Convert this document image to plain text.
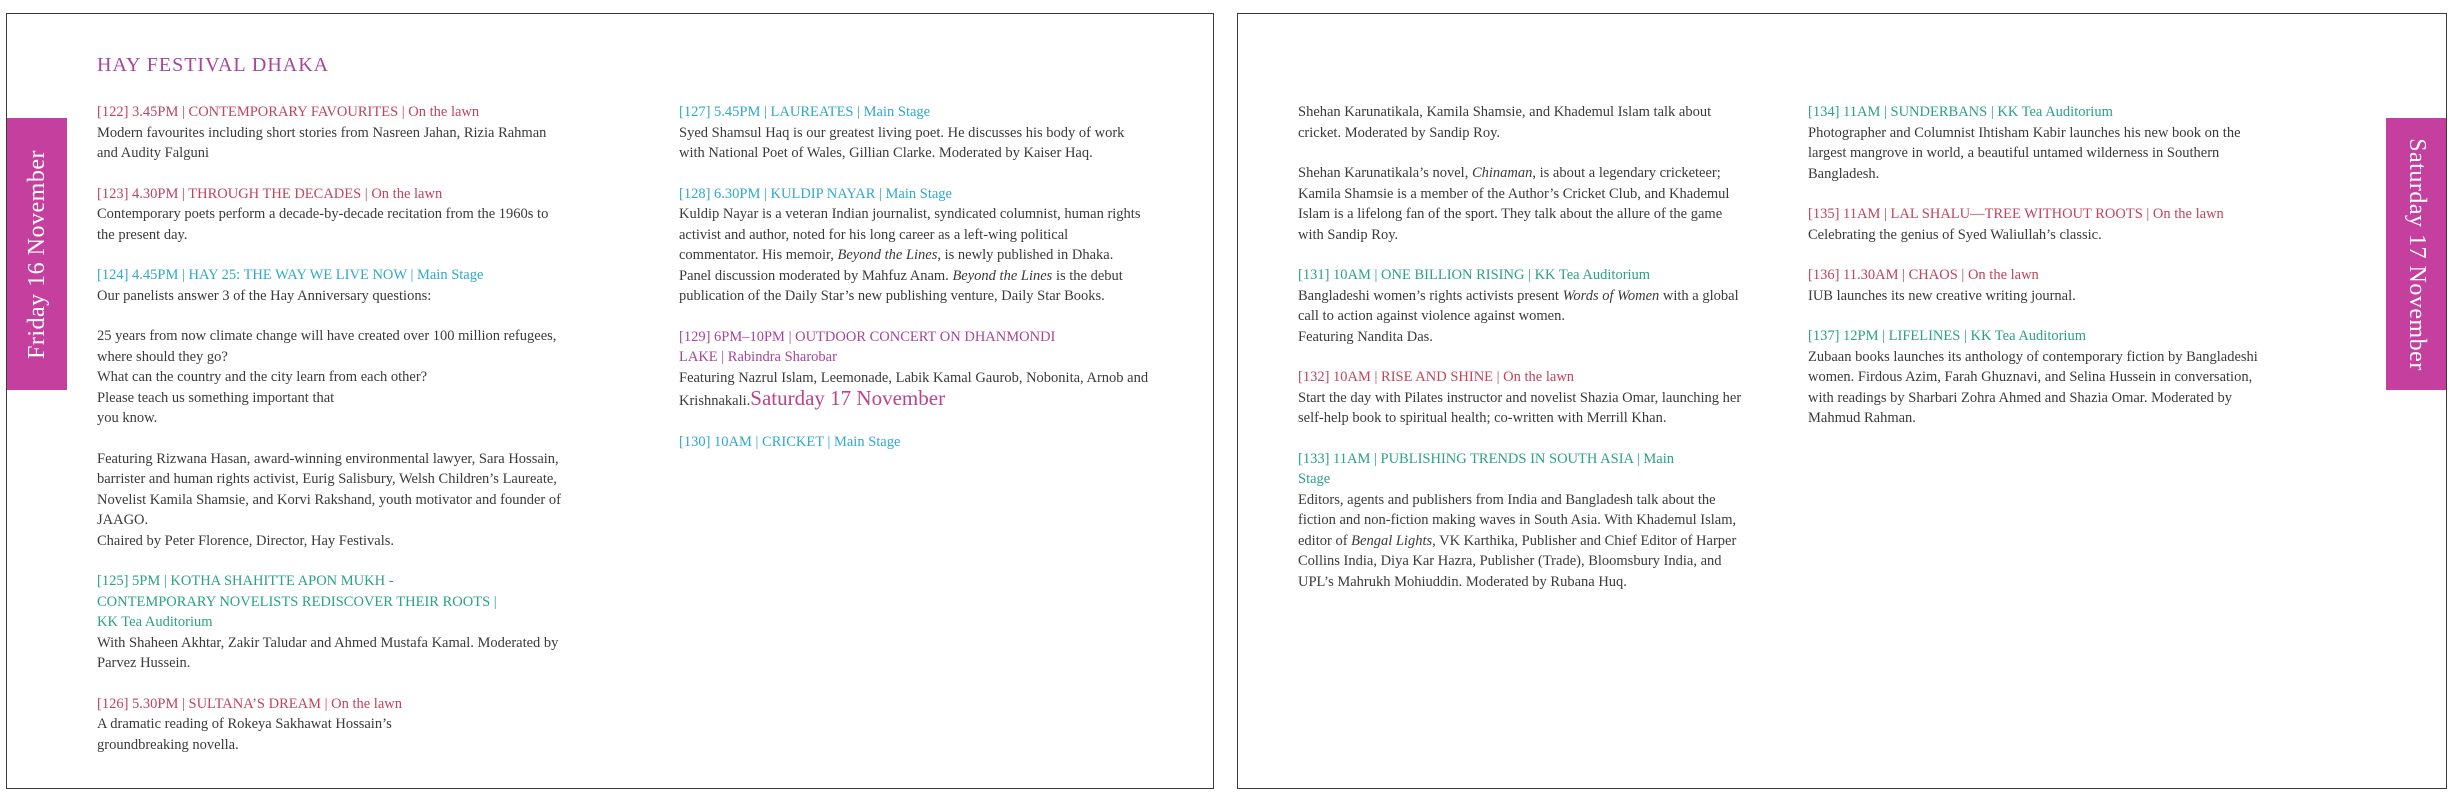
HAY FESTIVAL DHAKA
Friday 16 November
[122] 3.45PM | CONTEMPORARY FAVOURITES | On the lawn
Modern favourites including short stories from Nasreen Jahan, Rizia Rahman and Audity Falguni
[123] 4.30PM | THROUGH THE DECADES | On the lawn
Contemporary poets perform a decade-by-decade recitation from the 1960s to the present day.
[124] 4.45PM | HAY 25: THE WAY WE LIVE NOW | Main Stage
Our panelists answer 3 of the Hay Anniversary questions:
25 years from now climate change will have created over 100 million refugees, where should they go?
What can the country and the city learn from each other?
Please teach us something important that
you know.
Featuring Rizwana Hasan, award-winning environmental lawyer, Sara Hossain, barrister and human rights activist, Eurig Salisbury, Welsh Children’s Laureate, Novelist Kamila Shamsie, and Korvi Rakshand, youth motivator and founder of JAAGO.
Chaired by Peter Florence, Director, Hay Festivals.
[125] 5PM | KOTHA SHAHITTE APON MUKH - CONTEMPORARY NOVELISTS REDISCOVER THEIR ROOTS | KK Tea Auditorium
With Shaheen Akhtar, Zakir Taludar and Ahmed Mustafa Kamal. Moderated by Parvez Hussein.
[126] 5.30PM | SULTANA’S DREAM | On the lawn
A dramatic reading of Rokeya Sakhawat Hossain’s groundbreaking novella.
[127] 5.45PM | LAUREATES | Main Stage
Syed Shamsul Haq is our greatest living poet. He discusses his body of work with National Poet of Wales, Gillian Clarke. Moderated by Kaiser Haq.
[128] 6.30PM | KULDIP NAYAR | Main Stage
Kuldip Nayar is a veteran Indian journalist, syndicated columnist, human rights activist and author, noted for his long career as a left-wing political commentator. His memoir, Beyond the Lines, is newly published in Dhaka. Panel discussion moderated by Mahfuz Anam. Beyond the Lines is the debut publication of the Daily Star’s new publishing venture, Daily Star Books.
[129] 6PM–10PM | OUTDOOR CONCERT ON DHANMONDI LAKE | Rabindra Sharobar
Featuring Nazrul Islam, Leemonade, Labik Kamal Gaurob, Nobonita, Arnob and Krishnakali.Saturday 17 November
[130] 10AM | CRICKET | Main Stage
Saturday 17 November
Shehan Karunatikala, Kamila Shamsie, and Khademul Islam talk about cricket. Moderated by Sandip Roy.
Shehan Karunatikala’s novel, Chinaman, is about a legendary cricketeer; Kamila Shamsie is a member of the Author’s Cricket Club, and Khademul Islam is a lifelong fan of the sport. They talk about the allure of the game with Sandip Roy.
[131] 10AM | ONE BILLION RISING | KK Tea Auditorium
Bangladeshi women’s rights activists present Words of Women with a global call to action against violence against women.
Featuring Nandita Das.
[132] 10AM | RISE AND SHINE | On the lawn
Start the day with Pilates instructor and novelist Shazia Omar, launching her self-help book to spiritual health; co-written with Merrill Khan.
[133] 11AM | PUBLISHING TRENDS IN SOUTH ASIA | Main Stage
Editors, agents and publishers from India and Bangladesh talk about the fiction and non-fiction making waves in South Asia. With Khademul Islam, editor of Bengal Lights, VK Karthika, Publisher and Chief Editor of Harper Collins India, Diya Kar Hazra, Publisher (Trade), Bloomsbury India, and UPL’s Mahrukh Mohiuddin. Moderated by Rubana Huq.
[134] 11AM | SUNDERBANS | KK Tea Auditorium
Photographer and Columnist Ihtisham Kabir launches his new book on the largest mangrove in world, a beautiful untamed wilderness in Southern Bangladesh.
[135] 11AM | LAL SHALU—TREE WITHOUT ROOTS | On the lawn
Celebrating the genius of Syed Waliullah’s classic.
[136] 11.30AM | CHAOS | On the lawn
IUB launches its new creative writing journal.
[137] 12PM | LIFELINES | KK Tea Auditorium
Zubaan books launches its anthology of contemporary fiction by Bangladeshi women. Firdous Azim, Farah Ghuznavi, and Selina Hussein in conversation, with readings by Sharbari Zohra Ahmed and Shazia Omar. Moderated by Mahmud Rahman.
